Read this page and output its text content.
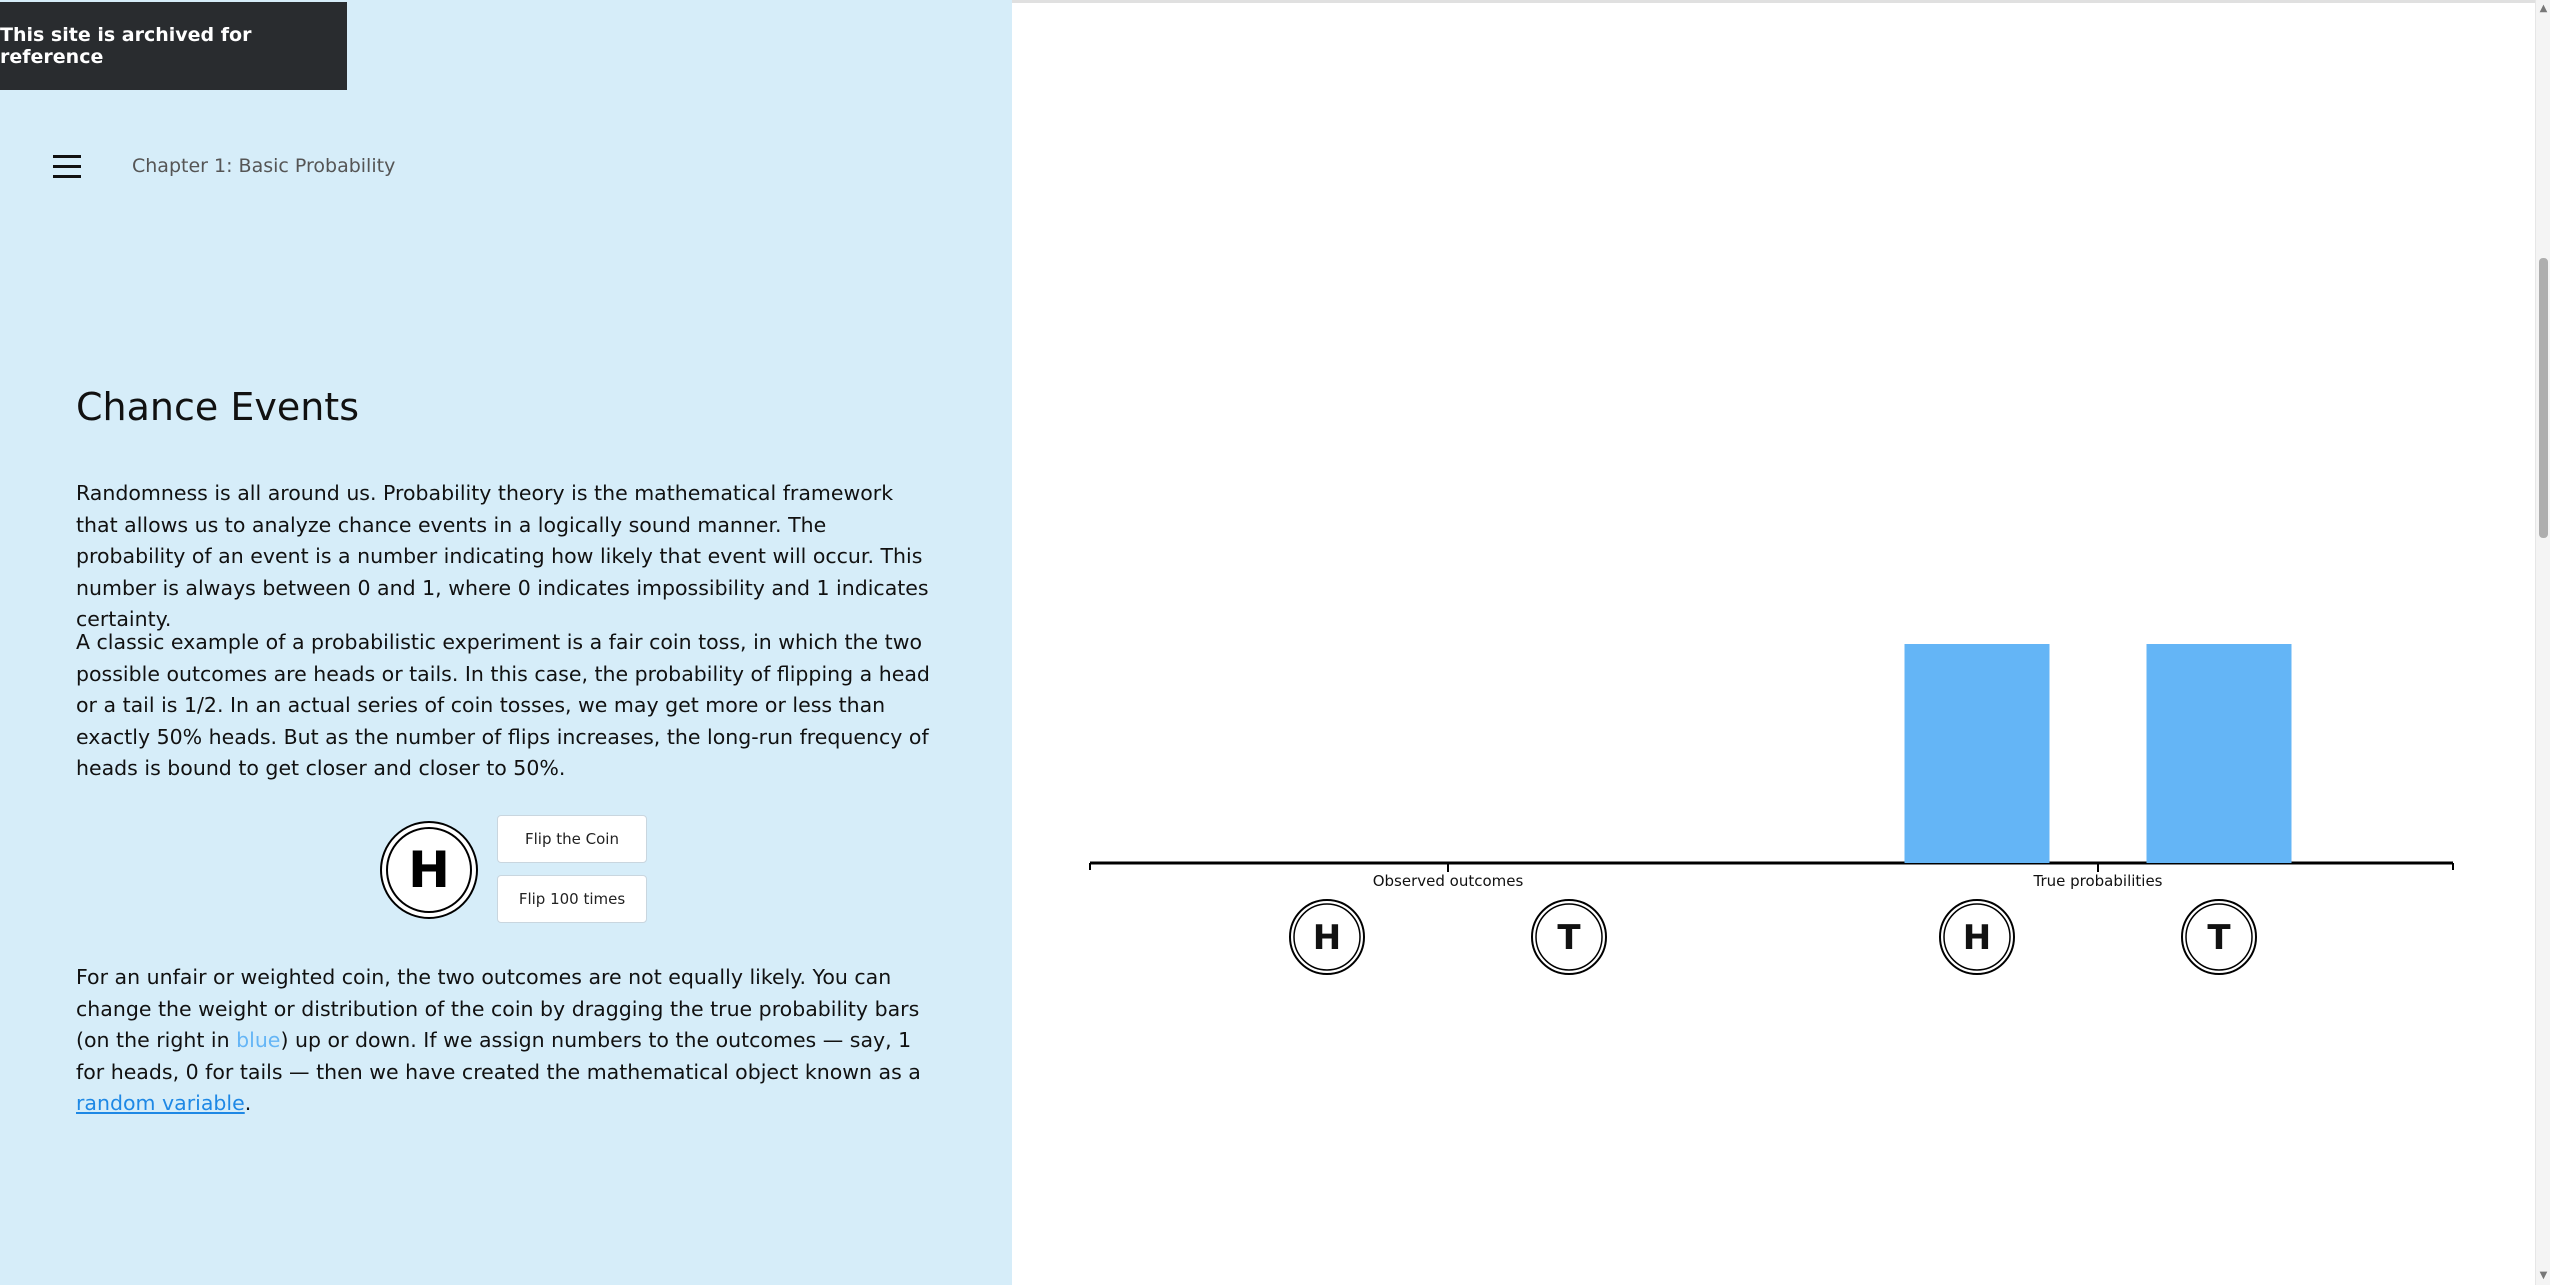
This site is archived for reference
Chapter 1: Basic Probability
Chance Events

Randomness is all around us. Probability theory is the mathematical framework that allows us to analyze chance events in a logically sound manner. The probability of an event is a number indicating how likely that event will occur. This number is always between 0 and 1, where 0 indicates impossibility and 1 indicates certainty.

A classic example of a probabilistic experiment is a fair coin toss, in which the two possible outcomes are heads or tails. In this case, the probability of flipping a head or a tail is 1/2. In an actual series of coin tosses, we may get more or less than exactly 50% heads. But as the number of flips increases, the long-run frequency of heads is bound to get closer and closer to 50%.

H
Flip the Coin
Flip 100 times

For an unfair or weighted coin, the two outcomes are not equally likely. You can change the weight or distribution of the coin by dragging the true probability bars (on the right in blue) up or down. If we assign numbers to the outcomes — say, 1 for heads, 0 for tails — then we have created the mathematical object known as a random variable.

Observed outcomes
H	T
True probabilities
H	T
▲
▼
